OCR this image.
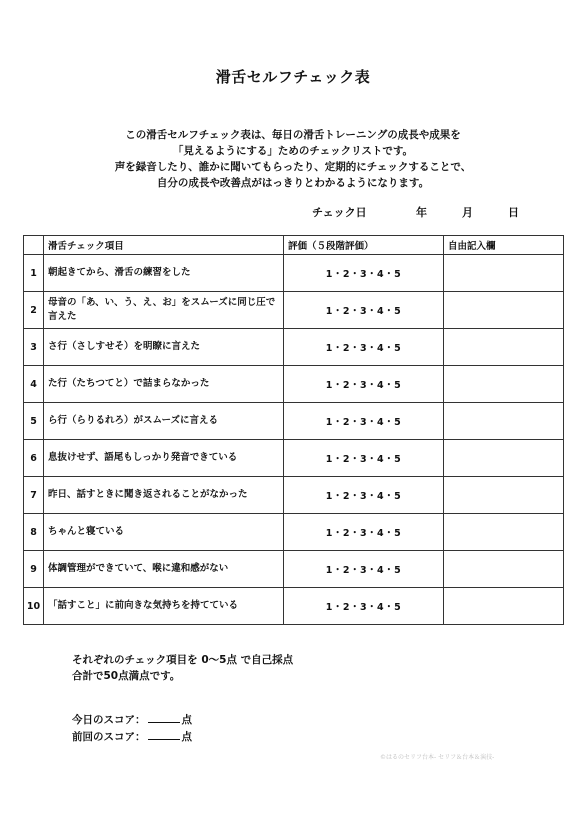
滑舌セルフチェック表
この滑舌セルフチェック表は、毎日の滑舌トレーニングの成長や成果を
「見えるようにする」ためのチェックリストです。
声を録音したり、誰かに聞いてもらったり、定期的にチェックすることで、
自分の成長や改善点がはっきりとわかるようになります。
チェック日	年	月	日
	滑舌チェック項目	評価（５段階評価）	自由記入欄
1	朝起きてから、滑舌の練習をした	1・2・3・4・5	
2	母音の「あ、い、う、え、お」をスムーズに同じ圧で言えた	1・2・3・4・5	
3	さ行（さしすせそ）を明瞭に言えた	1・2・3・4・5	
4	た行（たちつてと）で詰まらなかった	1・2・3・4・5	
5	ら行（らりるれろ）がスムーズに言える	1・2・3・4・5	
6	息抜けせず、語尾もしっかり発音できている	1・2・3・4・5	
7	昨日、話すときに聞き返されることがなかった	1・2・3・4・5	
8	ちゃんと寝ている	1・2・3・4・5	
9	体調管理ができていて、喉に違和感がない	1・2・3・4・5	
10	「話すこと」に前向きな気持ちを持てている	1・2・3・4・5	
それぞれのチェック項目を 0〜5点 で自己採点
合計で50点満点です。
今日のスコア：	点
前回のスコア：	点
©はるのセリフ台本- セリフ＆台本＆演技-
